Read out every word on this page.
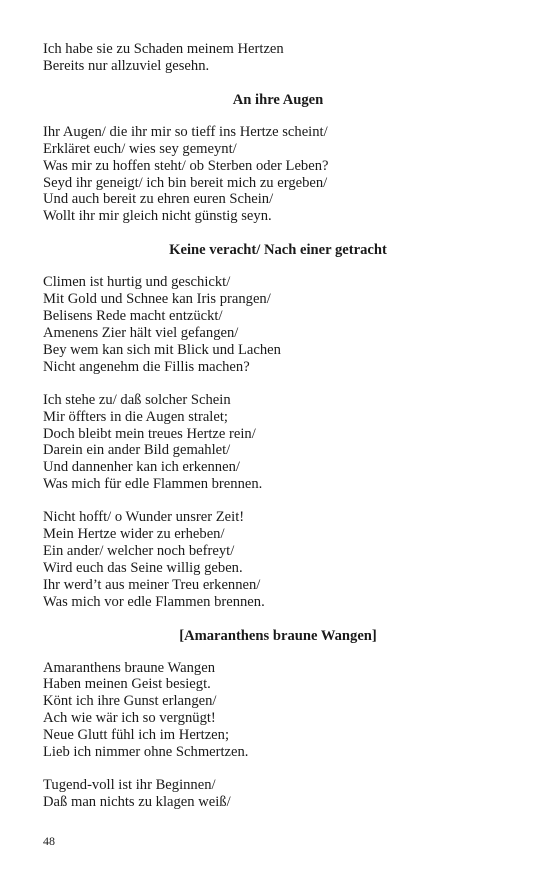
Ich habe sie zu Schaden meinem Hertzen
Bereits nur allzuviel gesehn.
An ihre Augen
Ihr Augen/ die ihr mir so tieff ins Hertze scheint/
Erkläret euch/ wies sey gemeynt/
Was mir zu hoffen steht/ ob Sterben oder Leben?
Seyd ihr geneigt/ ich bin bereit mich zu ergeben/
Und auch bereit zu ehren euren Schein/
Wollt ihr mir gleich nicht günstig seyn.
Keine veracht/ Nach einer getracht
Climen ist hurtig und geschickt/
Mit Gold und Schnee kan Iris prangen/
Belisens Rede macht entzückt/
Amenens Zier hält viel gefangen/
Bey wem kan sich mit Blick und Lachen
Nicht angenehm die Fillis machen?
Ich stehe zu/ daß solcher Schein
Mir öffters in die Augen stralet;
Doch bleibt mein treues Hertze rein/
Darein ein ander Bild gemahlet/
Und dannenher kan ich erkennen/
Was mich für edle Flammen brennen.
Nicht hofft/ o Wunder unsrer Zeit!
Mein Hertze wider zu erheben/
Ein ander/ welcher noch befreyt/
Wird euch das Seine willig geben.
Ihr werd’t aus meiner Treu erkennen/
Was mich vor edle Flammen brennen.
[Amaranthens braune Wangen]
Amaranthens braune Wangen
Haben meinen Geist besiegt.
Könt ich ihre Gunst erlangen/
Ach wie wär ich so vergnügt!
Neue Glutt fühl ich im Hertzen;
Lieb ich nimmer ohne Schmertzen.
Tugend-voll ist ihr Beginnen/
Daß man nichts zu klagen weiß/
48
